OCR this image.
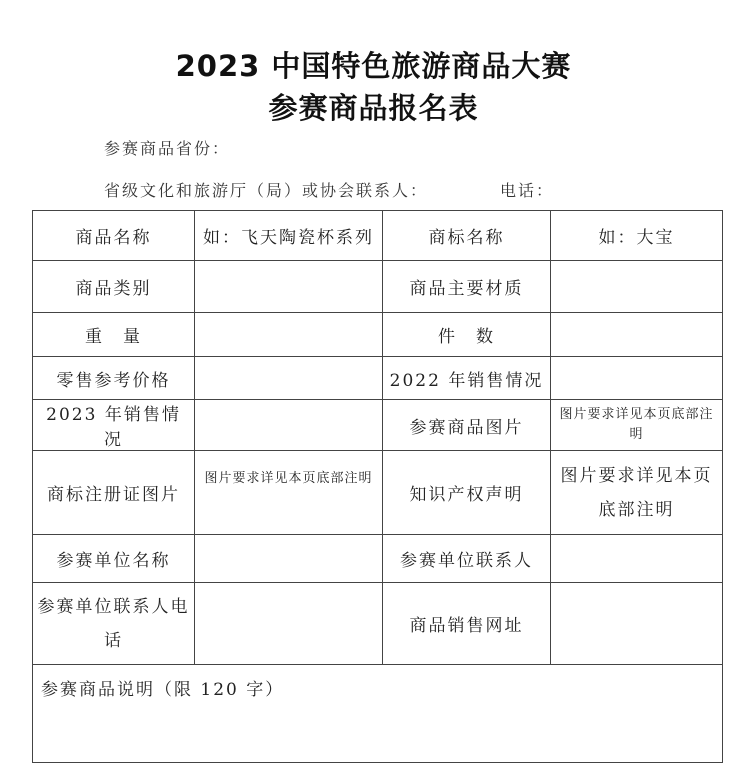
2023 中国特色旅游商品大赛
参赛商品报名表
参赛商品省份：
省级文化和旅游厅（局）或协会联系人：	电话：
商品名称	如：飞天陶瓷杯系列	商标名称	如：大宝
商品类别		商品主要材质	
重　量		件　数	
零售参考价格		2022 年销售情况	
2023 年销售情况		参赛商品图片	图片要求详见本页底部注明
商标注册证图片	图片要求详见本页底部注明	知识产权声明	图片要求详见本页底部注明
参赛单位名称		参赛单位联系人	
参赛单位联系人电话		商品销售网址	
参赛商品说明（限 120 字）			
